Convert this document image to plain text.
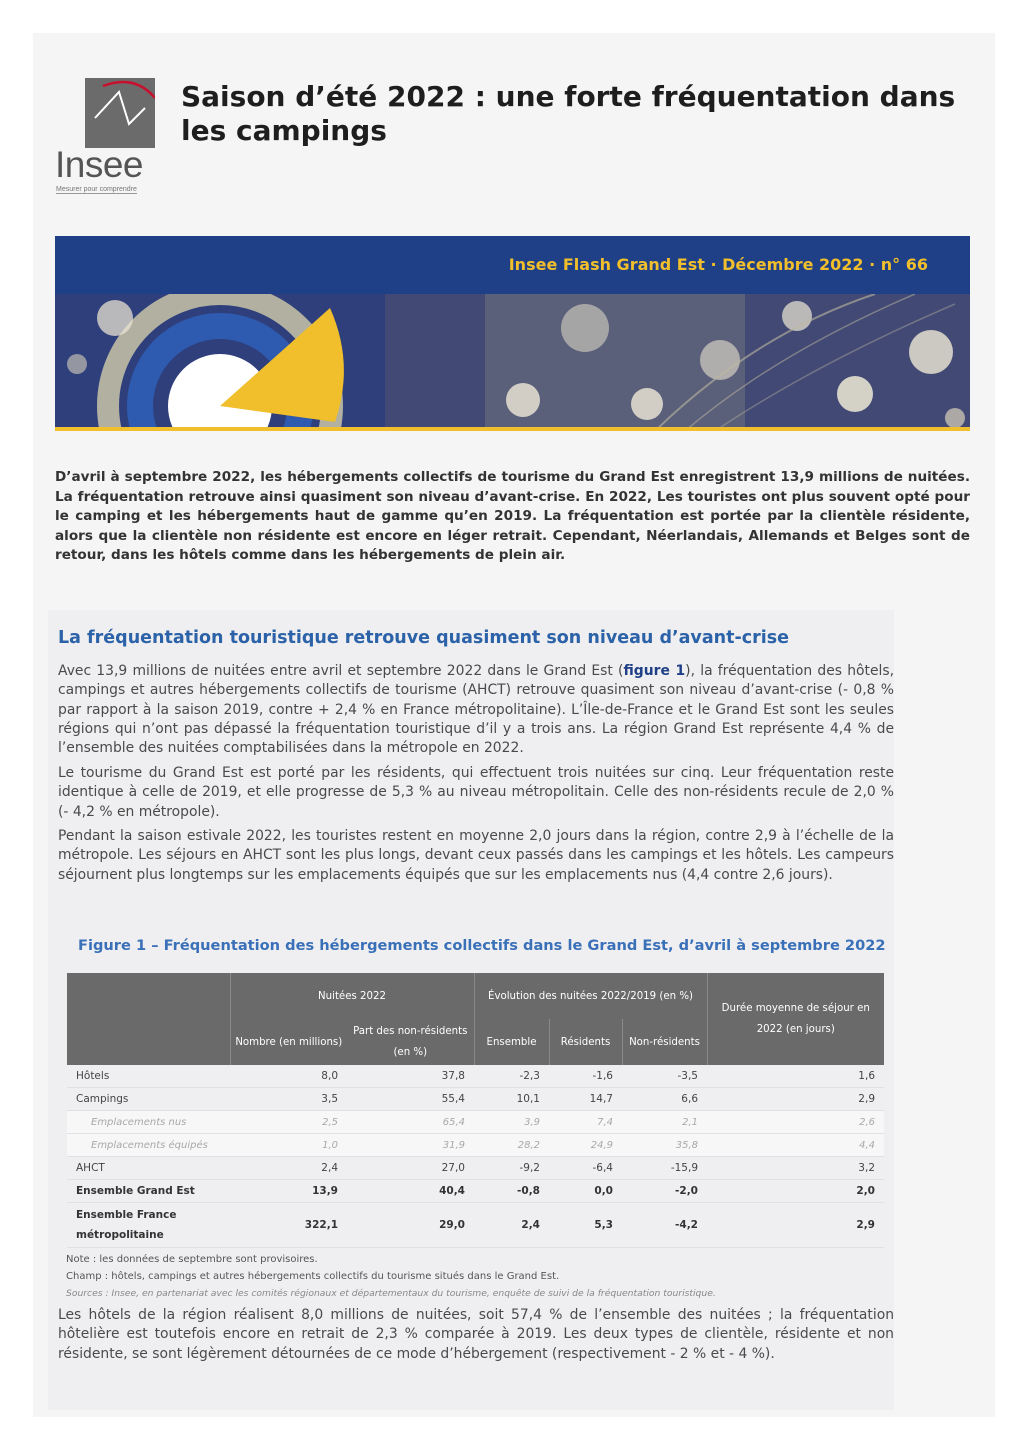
Insee
Mesurer pour comprendre
Saison d’été 2022 : une forte fréquentation dans les campings
Insee Flash Grand Est · Décembre 2022 · n° 66

D’avril à septembre 2022, les hébergements collectifs de tourisme du Grand Est enregistrent 13,9 millions de nuitées. La fréquentation retrouve ainsi quasiment son niveau d’avant-crise. En 2022, Les touristes ont plus souvent opté pour le camping et les hébergements haut de gamme qu’en 2019. La fréquentation est portée par la clientèle résidente, alors que la clientèle non résidente est encore en léger retrait. Cependant, Néerlandais, Allemands et Belges sont de retour, dans les hôtels comme dans les hébergements de plein air.

La fréquentation touristique retrouve quasiment son niveau d’avant-crise

Avec 13,9 millions de nuitées entre avril et septembre 2022 dans le Grand Est (figure 1), la fréquentation des hôtels, campings et autres hébergements collectifs de tourisme (AHCT) retrouve quasiment son niveau d’avant-crise (- 0,8 % par rapport à la saison 2019, contre + 2,4 % en France métropolitaine). L’Île-de-France et le Grand Est sont les seules régions qui n’ont pas dépassé la fréquentation touristique d’il y a trois ans. La région Grand Est représente 4,4 % de l’ensemble des nuitées comptabilisées dans la métropole en 2022.

Le tourisme du Grand Est est porté par les résidents, qui effectuent trois nuitées sur cinq. Leur fréquentation reste identique à celle de 2019, et elle progresse de 5,3 % au niveau métropolitain. Celle des non-résidents recule de 2,0 % (- 4,2 % en métropole).

Pendant la saison estivale 2022, les touristes restent en moyenne 2,0 jours dans la région, contre 2,9 à l’échelle de la métropole. Les séjours en AHCT sont les plus longs, devant ceux passés dans les campings et les hôtels. Les campeurs séjournent plus longtemps sur les emplacements équipés que sur les emplacements nus (4,4 contre 2,6 jours).

Figure 1 – Fréquentation des hébergements collectifs dans le Grand Est, d’avril à septembre 2022
	Nuitées 2022		Évolution des nuitées 2022/2019 (en %)			Durée moyenne de séjour en 2022 (en jours)
	Nombre (en millions)	Part des non-résidents (en %)	Ensemble	Résidents	Non-résidents	
Hôtels	8,0	37,8	-2,3	-1,6	-3,5	1,6
Campings	3,5	55,4	10,1	14,7	6,6	2,9
Emplacements nus	2,5	65,4	3,9	7,4	2,1	2,6
Emplacements équipés	1,0	31,9	28,2	24,9	35,8	4,4
AHCT	2,4	27,0	-9,2	-6,4	-15,9	3,2
Ensemble Grand Est	13,9	40,4	-0,8	0,0	-2,0	2,0
Ensemble France métropolitaine	322,1	29,0	2,4	5,3	-4,2	2,9
Note : les données de septembre sont provisoires.
Champ : hôtels, campings et autres hébergements collectifs du tourisme situés dans le Grand Est.
Sources : Insee, en partenariat avec les comités régionaux et départementaux du tourisme, enquête de suivi de la fréquentation touristique.

Les hôtels de la région réalisent 8,0 millions de nuitées, soit 57,4 % de l’ensemble des nuitées ; la fréquentation hôtelière est toutefois encore en retrait de 2,3 % comparée à 2019. Les deux types de clientèle, résidente et non résidente, se sont légèrement détournées de ce mode d’hébergement (respectivement - 2 % et - 4 %).
